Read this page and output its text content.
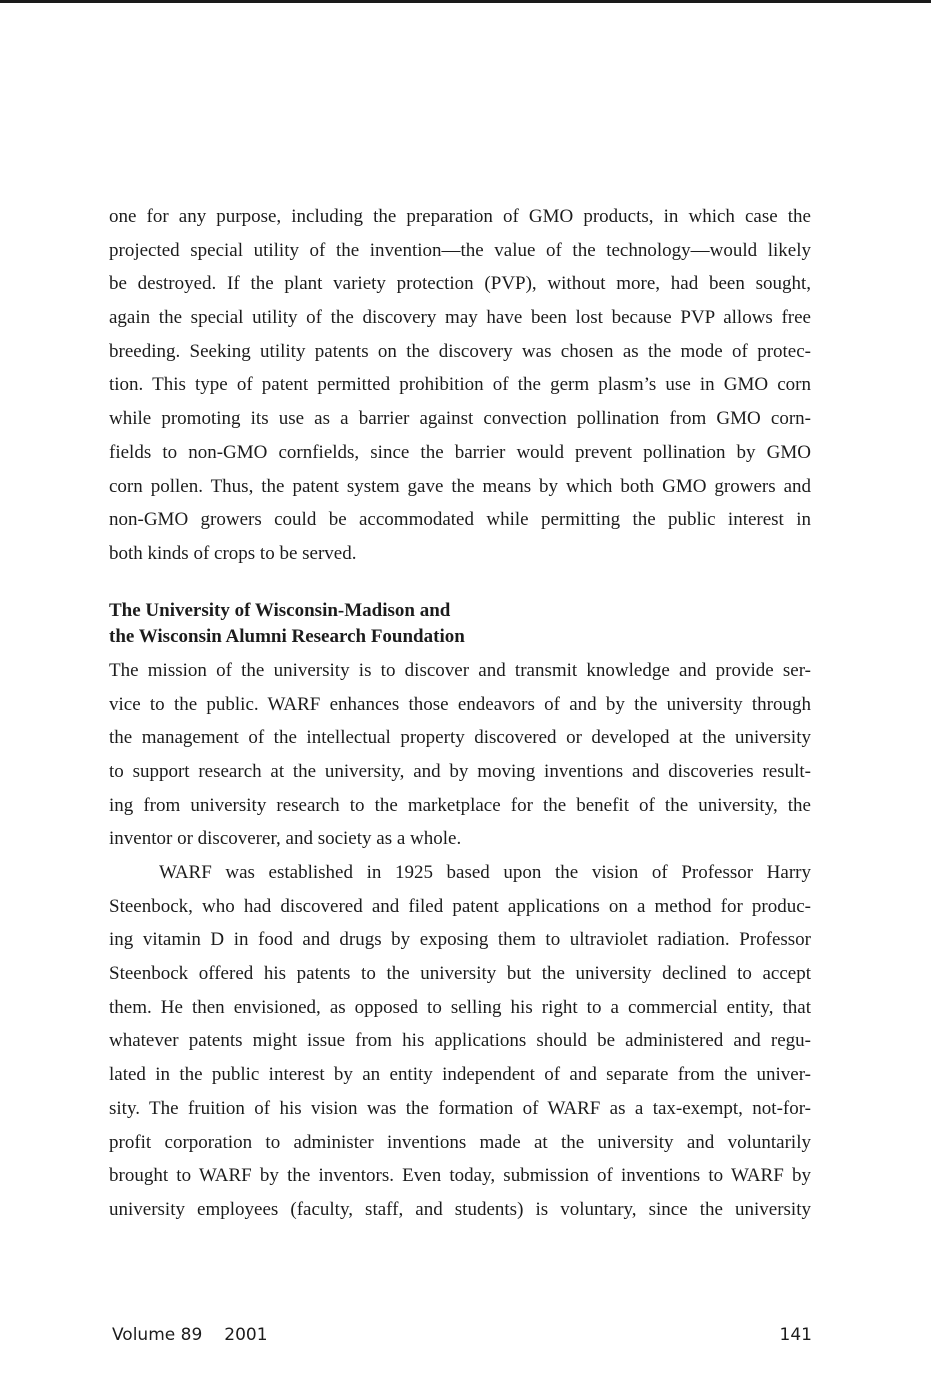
one for any purpose, including the preparation of GMO products, in which case the
projected special utility of the invention—the value of the technology—would likely
be destroyed. If the plant variety protection (PVP), without more, had been sought,
again the special utility of the discovery may have been lost because PVP allows free
breeding. Seeking utility patents on the discovery was chosen as the mode of protec-
tion. This type of patent permitted prohibition of the germ plasm’s use in GMO corn
while promoting its use as a barrier against convection pollination from GMO corn-
fields to non-GMO cornfields, since the barrier would prevent pollination by GMO
corn pollen. Thus, the patent system gave the means by which both GMO growers and
non-GMO growers could be accommodated while permitting the public interest in
both kinds of crops to be served.
The University of Wisconsin-Madison and
the Wisconsin Alumni Research Foundation
The mission of the university is to discover and transmit knowledge and provide ser-
vice to the public. WARF enhances those endeavors of and by the university through
the management of the intellectual property discovered or developed at the university
to support research at the university, and by moving inventions and discoveries result-
ing from university research to the marketplace for the benefit of the university, the
inventor or discoverer, and society as a whole.
WARF was established in 1925 based upon the vision of Professor Harry
Steenbock, who had discovered and filed patent applications on a method for produc-
ing vitamin D in food and drugs by exposing them to ultraviolet radiation. Professor
Steenbock offered his patents to the university but the university declined to accept
them. He then envisioned, as opposed to selling his right to a commercial entity, that
whatever patents might issue from his applications should be administered and regu-
lated in the public interest by an entity independent of and separate from the univer-
sity. The fruition of his vision was the formation of WARF as a tax-exempt, not-for-
profit corporation to administer inventions made at the university and voluntarily
brought to WARF by the inventors. Even today, submission of inventions to WARF by
university employees (faculty, staff, and students) is voluntary, since the university
Volume 89 2001	141
